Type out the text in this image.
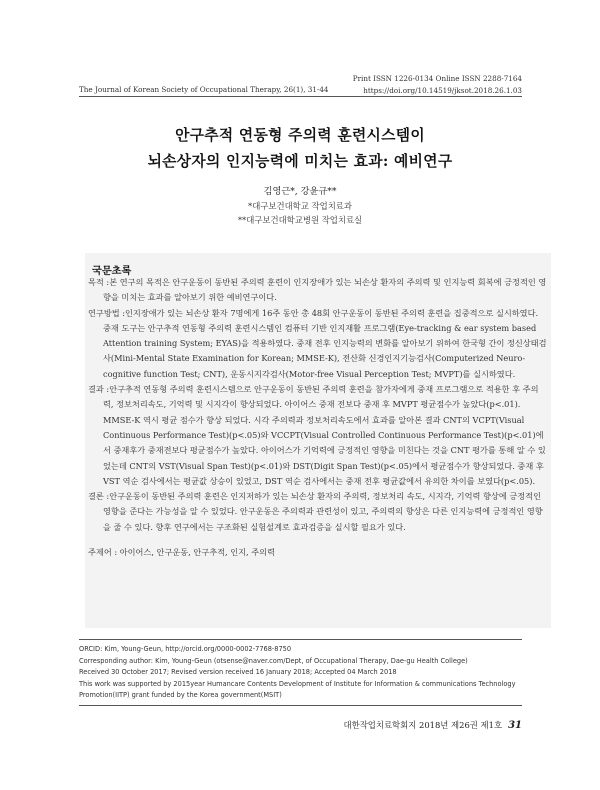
The Journal of Korean Society of Occupational Therapy, 26(1), 31-44
Print ISSN 1226-0134 Online ISSN 2288-7164
https://doi.org/10.14519/jksot.2018.26.1.03
안구추적 연동형 주의력 훈련시스템이
뇌손상자의 인지능력에 미치는 효과: 예비연구
김영근*, 강윤규**
*대구보건대학교 작업치료과
**대구보건대학교병원 작업치료실
국문초록
목적 :본 연구의 목적은 안구운동이 동반된 주의력 훈련이 인지장애가 있는 뇌손상 환자의 주의력 및 인지능력 회복에 긍정적인 영향을 미치는 효과를 알아보기 위한 예비연구이다.
연구방법 :인지장애가 있는 뇌손상 환자 7명에게 16주 동안 총 48회 안구운동이 동반된 주의력 훈련을 집중적으로 실시하였다. 중재 도구는 안구추적 연동형 주의력 훈련시스템인 컴퓨터 기반 인지재활 프로그램(Eye-tracking & ear system based Attention training System; EYAS)을 적용하였다. 중재 전후 인지능력의 변화를 알아보기 위하여 한국형 간이 정신상태검사(Mini-Mental State Examination for Korean; MMSE-K), 전산화 신경인지기능검사(Computerized Neuro-cognitive function Test; CNT), 운동시지각검사(Motor-free Visual Perception Test; MVPT)를 실시하였다.
결과 :안구추적 연동형 주의력 훈련시스템으로 안구운동이 동반된 주의력 훈련을 참가자에게 중재 프로그램으로 적용한 후 주의력, 정보처리속도, 기억력 및 시지각이 향상되었다. 아이어스 중재 전보다 중재 후 MVPT 평균점수가 높았다(p<.01). MMSE-K 역시 평균 점수가 향상 되었다. 시각 주의력과 정보처리속도에서 효과를 알아본 결과 CNT의 VCPT(Visual Continuous Performance Test)(p<.05)와 VCCPT(Visual Controlled Continuous Performance Test)(p<.01)에서 중재후가 중재전보다 평균점수가 높았다. 아이어스가 기억력에 긍정적인 영향을 미친다는 것을 CNT 평가를 통해 알 수 있었는데 CNT의 VST(Visual Span Test)(p<.01)와 DST(Digit Span Test)(p<.05)에서 평균점수가 향상되었다. 중재 후 VST 역순 검사에서는 평균값 상승이 있었고, DST 역순 검사에서는 중재 전후 평균값에서 유의한 차이를 보였다(p<.05).
결론 :안구운동이 동반된 주의력 훈련은 인지저하가 있는 뇌손상 환자의 주의력, 정보처리 속도, 시지각, 기억력 향상에 긍정적인 영향을 준다는 가능성을 알 수 있었다. 안구운동은 주의력과 관련성이 있고, 주의력의 향상은 다른 인지능력에 긍정적인 영향을 줄 수 있다. 향후 연구에서는 구조화된 실험설계로 효과검증을 실시할 필요가 있다.
주제어 : 아이어스, 안구운동, 안구추적, 인지, 주의력
ORCID: Kim, Young-Geun, http://orcid.org/0000-0002-7768-8750
Corresponding author: Kim, Young-Geun (otsense@naver.com/Dept, of Occupational Therapy, Dae-gu Health College)
Received 30 October 2017; Revised version received 16 January 2018; Accepted 04 March 2018
This work was supported by 2015year Humancare Contents Development of Institute for Information & communications Technology Promotion(IITP) grant funded by the Korea government(MSIT)
대한작업치료학회지 2018년 제26권 제1호 31
